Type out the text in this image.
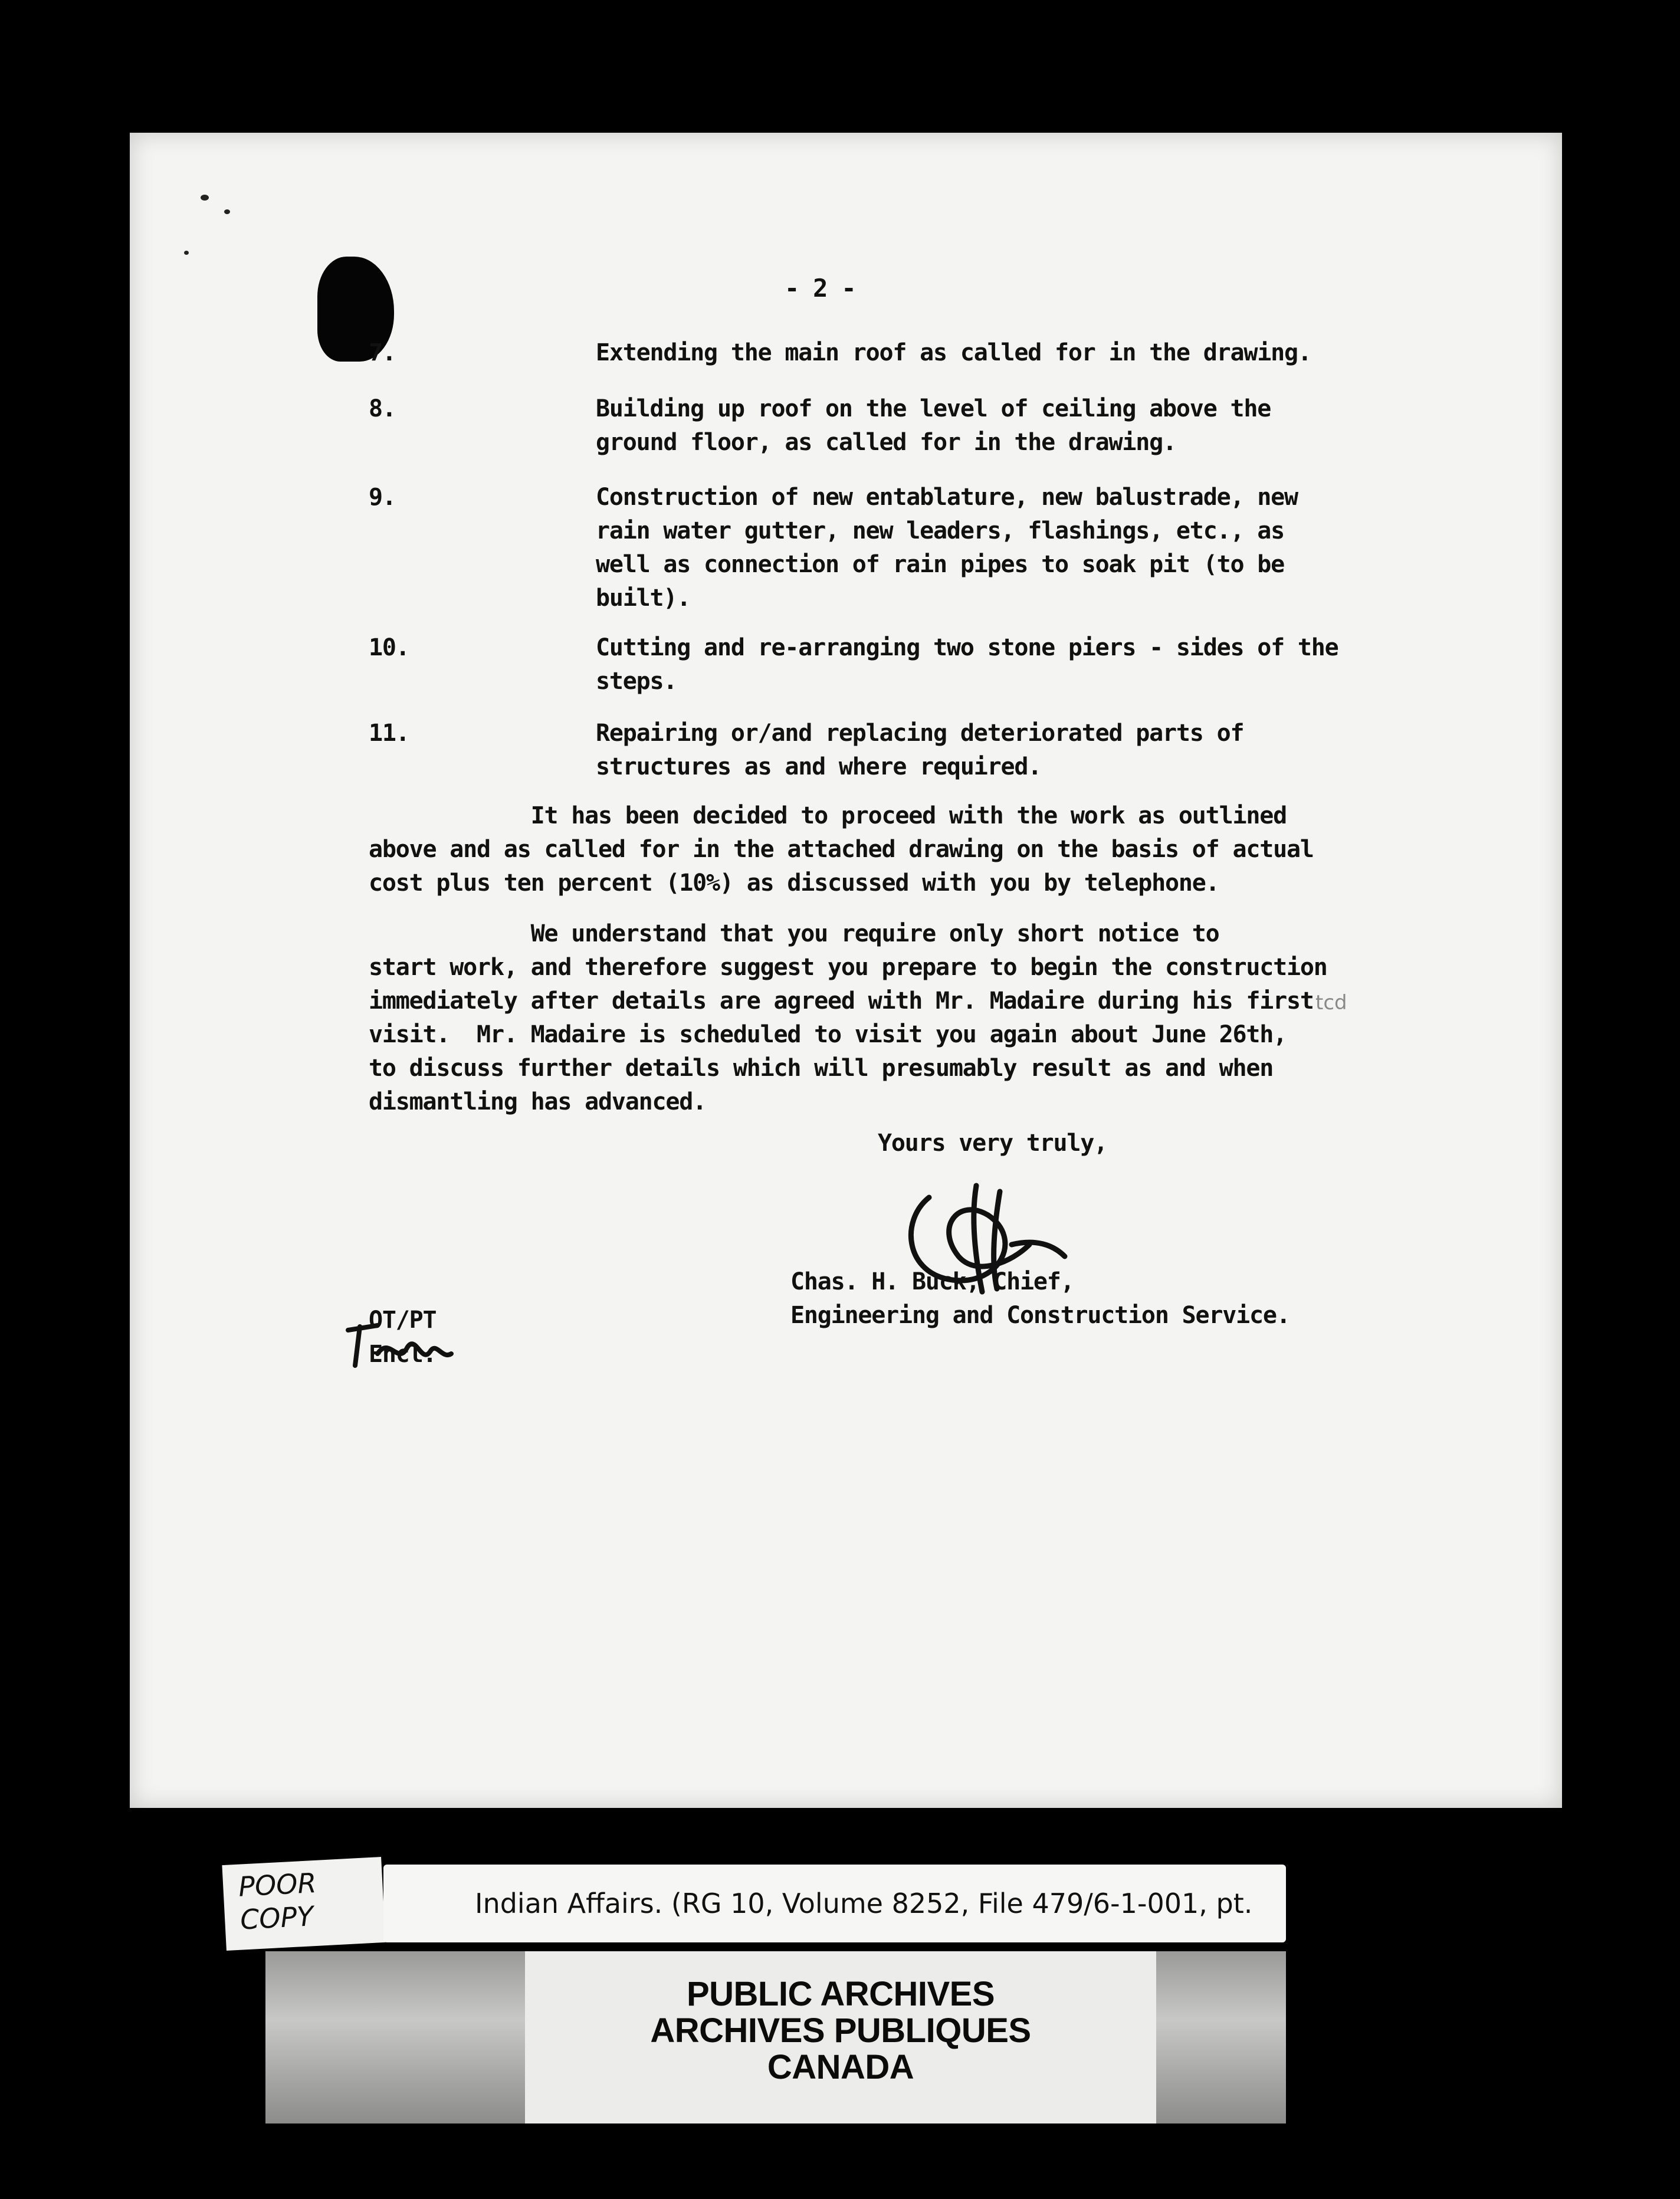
- 2 -
7.	Extending the main roof as called for in the drawing.
8.	Building up roof on the level of ceiling above the
ground floor, as called for in the drawing.
9.	Construction of new entablature, new balustrade, new
rain water gutter, new leaders, flashings, etc., as
well as connection of rain pipes to soak pit (to be
built).
10.	Cutting and re-arranging two stone piers - sides of the
steps.
11.	Repairing or/and replacing deteriorated parts of
structures as and where required.
It has been decided to proceed with the work as outlined
above and as called for in the attached drawing on the basis of actual
cost plus ten percent (10%) as discussed with you by telephone.
tcd
We understand that you require only short notice to
start work, and therefore suggest you prepare to begin the construction
immediately after details are agreed with Mr. Madaire during his first
visit.  Mr. Madaire is scheduled to visit you again about June 26th,
to discuss further details which will presumably result as and when
dismantling has advanced.
Yours very truly,
Chas. H. Buck, Chief,
Engineering and Construction Service.
OT/PT
Encl.
POOR
COPY	Indian Affairs. (RG 10, Volume 8252, File 479/6-1-001, pt.
PUBLIC ARCHIVES
ARCHIVES PUBLIQUES
CANADA
